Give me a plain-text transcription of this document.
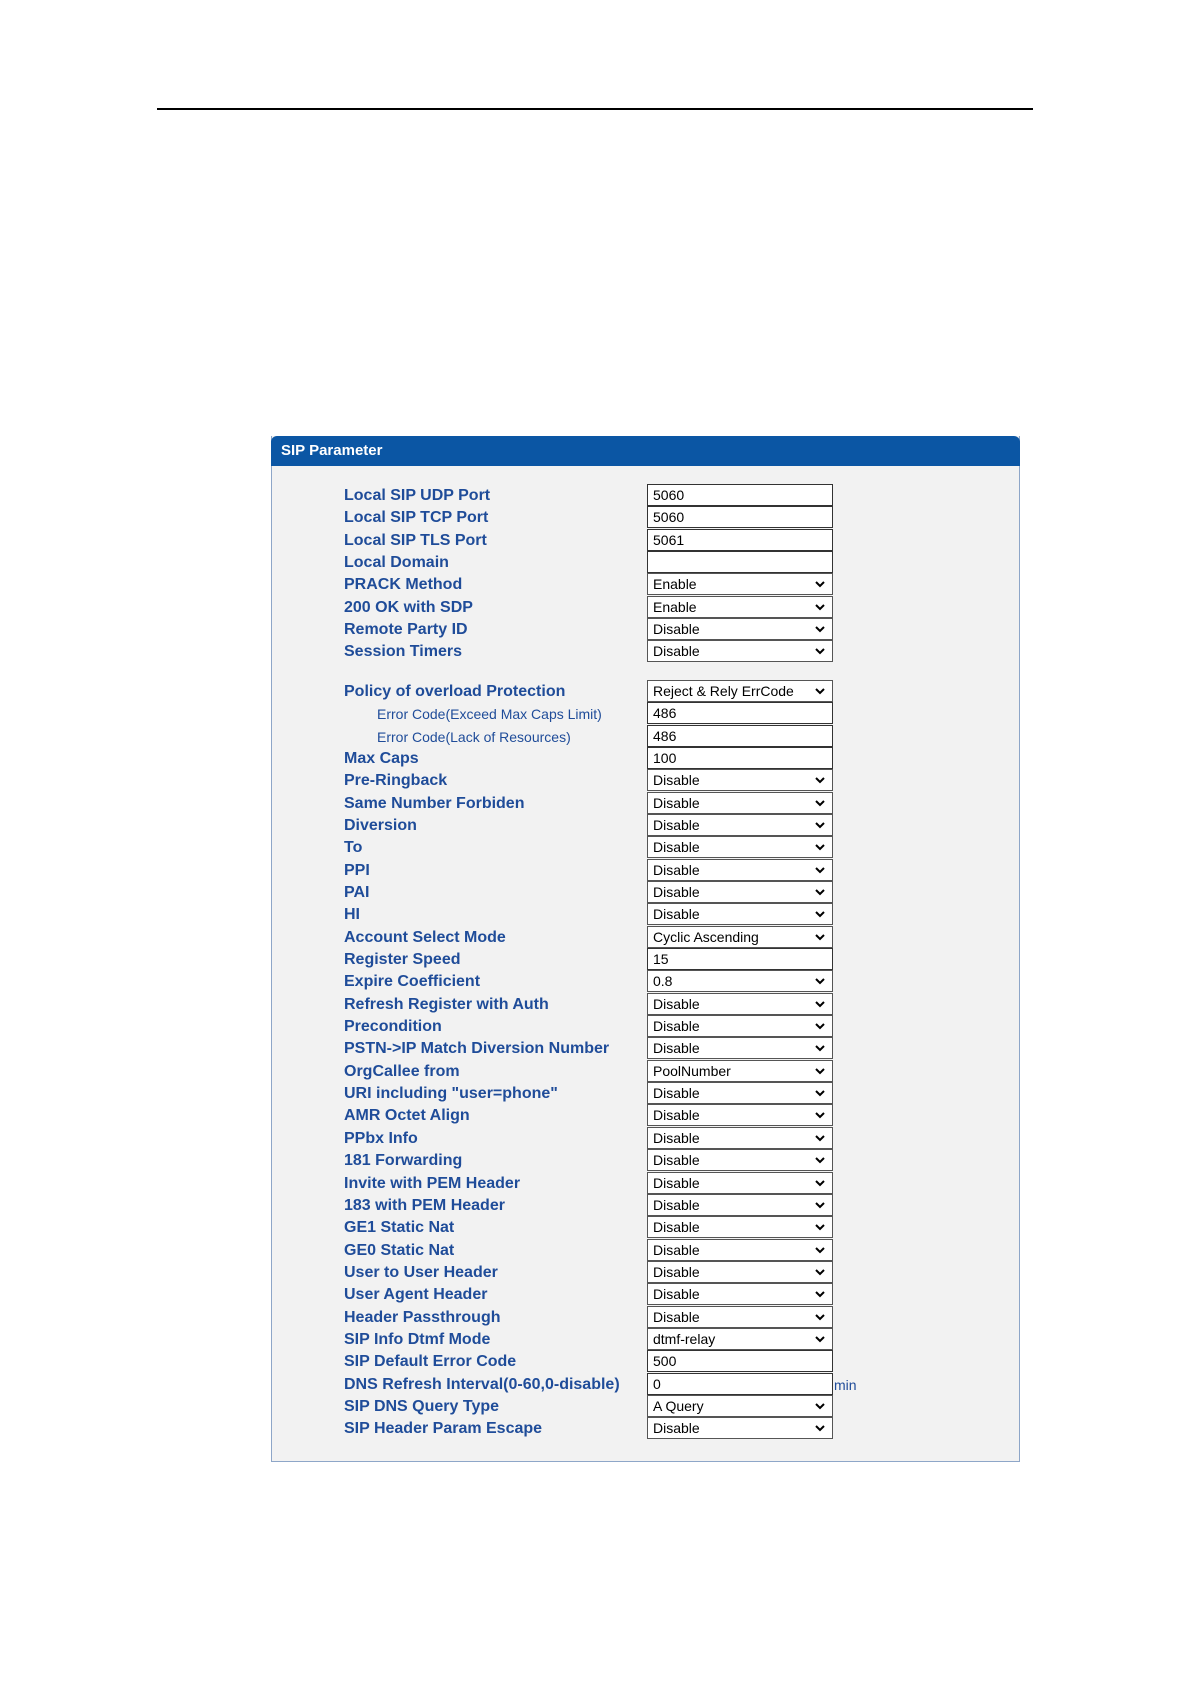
SIP Parameter
Local SIP UDP Port	5060
Local SIP TCP Port	5060
Local SIP TLS Port	5061
Local Domain
PRACK Method	Enable
200 OK with SDP	Enable
Remote Party ID	Disable
Session Timers	Disable
Policy of overload Protection	Reject & Rely ErrCode
Error Code(Exceed Max Caps Limit)	486
Error Code(Lack of Resources)	486
Max Caps	100
Pre-Ringback	Disable
Same Number Forbiden	Disable
Diversion	Disable
To	Disable
PPI	Disable
PAI	Disable
HI	Disable
Account Select Mode	Cyclic Ascending
Register Speed	15
Expire Coefficient	0.8
Refresh Register with Auth	Disable
Precondition	Disable
PSTN->IP Match Diversion Number	Disable
OrgCallee from	PoolNumber
URI including "user=phone"	Disable
AMR Octet Align	Disable
PPbx Info	Disable
181 Forwarding	Disable
Invite with PEM Header	Disable
183 with PEM Header	Disable
GE1 Static Nat	Disable
GE0 Static Nat	Disable
User to User Header	Disable
User Agent Header	Disable
Header Passthrough	Disable
SIP Info Dtmf Mode	dtmf-relay
SIP Default Error Code	500
DNS Refresh Interval(0-60,0-disable)	0	min
SIP DNS Query Type	A Query
SIP Header Param Escape	Disable
